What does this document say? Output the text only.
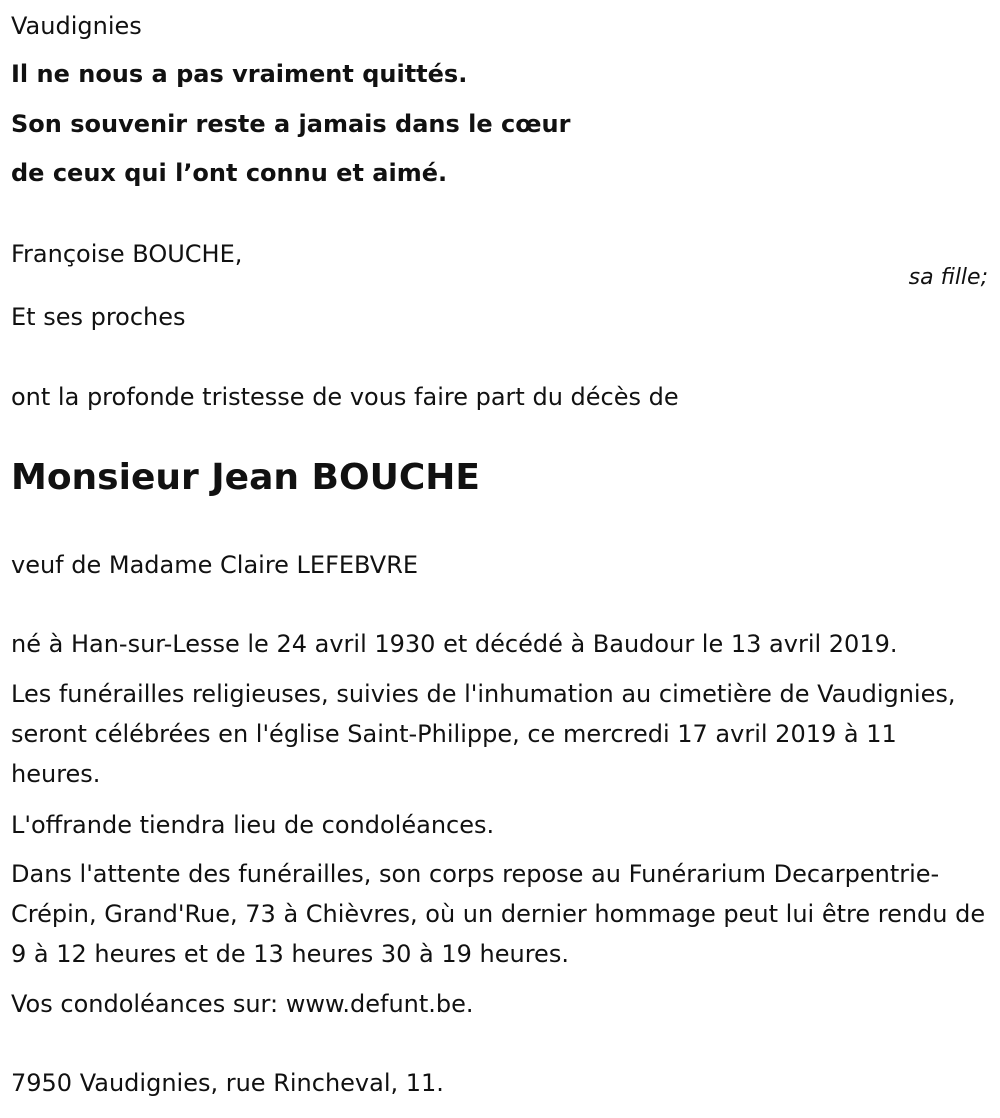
Vaudignies

Il ne nous a pas vraiment quittés.

Son souvenir reste a jamais dans le cœur

de ceux qui l’ont connu et aimé.

Françoise BOUCHE,

sa fille;

Et ses proches

ont la profonde tristesse de vous faire part du décès de

Monsieur Jean BOUCHE

veuf de Madame Claire LEFEBVRE

né à Han-sur-Lesse le 24 avril 1930 et décédé à Baudour le 13 avril 2019.

Les funérailles religieuses, suivies de l'inhumation au cimetière de Vaudignies, seront célébrées en l'église Saint-Philippe, ce mercredi 17 avril 2019 à 11 heures.

L'offrande tiendra lieu de condoléances.

Dans l'attente des funérailles, son corps repose au Funérarium Decarpentrie-Crépin, Grand'Rue, 73 à Chièvres, où un dernier hommage peut lui être rendu de 9 à 12 heures et de 13 heures 30 à 19 heures.

Vos condoléances sur: www.defunt.be.

7950 Vaudignies, rue Rincheval, 11.
